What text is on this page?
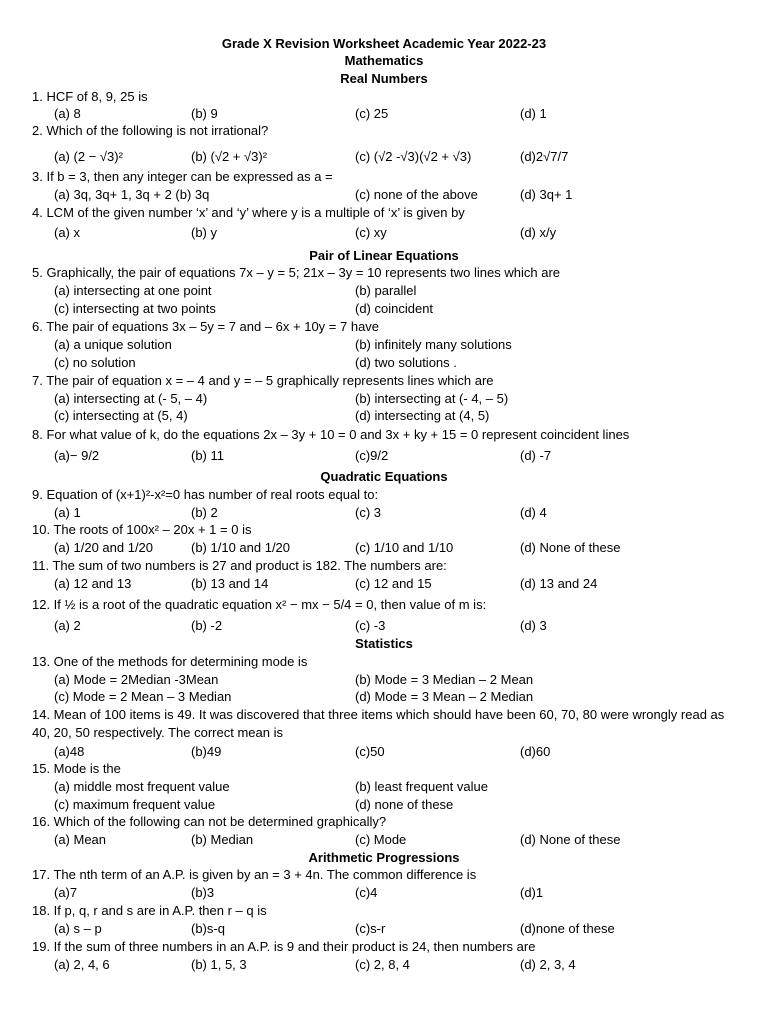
Grade X Revision Worksheet Academic Year 2022-23
Mathematics
Real Numbers
1. HCF of 8, 9, 25 is
(a) 8	(b) 9	(c) 25	(d) 1
2. Which of the following is not irrational?
(a) (2 − √3)²	(b) (√2 + √3)²	(c) (√2 -√3)(√2 + √3)	(d)2√7/7
3. If b = 3, then any integer can be expressed as a =
(a) 3q, 3q+ 1, 3q + 2 (b) 3q	(c) none of the above	(d) 3q+ 1
4. LCM of the given number ‘x’ and ‘y’ where y is a multiple of ‘x’ is given by
(a) x	(b) y	(c) xy	(d) x/y
Pair of Linear Equations
5. Graphically, the pair of equations 7x – y = 5; 21x – 3y = 10 represents two lines which are
(a) intersecting at one point	(b) parallel
(c) intersecting at two points	(d) coincident
6. The pair of equations 3x – 5y = 7 and – 6x + 10y = 7 have
(a) a unique solution	(b) infinitely many solutions
(c) no solution	(d) two solutions .
7. The pair of equation x = – 4 and y = – 5 graphically represents lines which are
(a) intersecting at (- 5, – 4)	(b) intersecting at (- 4, – 5)
(c) intersecting at (5, 4)	(d) intersecting at (4, 5)
8. For what value of k, do the equations 2x – 3y + 10 = 0 and 3x + ky + 15 = 0 represent coincident lines
(a)− 9/2	(b) 11	(c)9/2	(d) -7
Quadratic Equations
9. Equation of (x+1)²-x²=0 has number of real roots equal to:
(a) 1	(b) 2	(c) 3	(d) 4
10. The roots of 100x² – 20x + 1 = 0 is
(a) 1/20 and 1/20	(b) 1/10 and 1/20	(c) 1/10 and 1/10	(d) None of these
11. The sum of two numbers is 27 and product is 182. The numbers are:
(a) 12 and 13	(b) 13 and 14	(c) 12 and 15	(d) 13 and 24
12. If ½ is a root of the quadratic equation x² − mx − 5/4 = 0, then value of m is:
(a) 2	(b) -2	(c) -3	(d) 3
Statistics
13. One of the methods for determining mode is
(a) Mode = 2Median -3Mean	(b) Mode = 3 Median – 2 Mean
(c) Mode = 2 Mean – 3 Median	(d) Mode = 3 Mean – 2 Median
14. Mean of 100 items is 49. It was discovered that three items which should have been 60, 70, 80 were wrongly read as 40, 20, 50 respectively. The correct mean is
(a)48	(b)49	(c)50	(d)60
15. Mode is the
(a) middle most frequent value	(b) least frequent value
(c) maximum frequent value	(d) none of these
16. Which of the following can not be determined graphically?
(a) Mean	(b) Median	(c) Mode	(d) None of these
Arithmetic Progressions
17. The nth term of an A.P. is given by an = 3 + 4n. The common difference is
(a)7	(b)3	(c)4	(d)1
18. If p, q, r and s are in A.P. then r – q is
(a) s – p	(b)s-q	(c)s-r	(d)none of these
19. If the sum of three numbers in an A.P. is 9 and their product is 24, then numbers are
(a) 2, 4, 6	(b) 1, 5, 3	(c) 2, 8, 4	(d) 2, 3, 4
